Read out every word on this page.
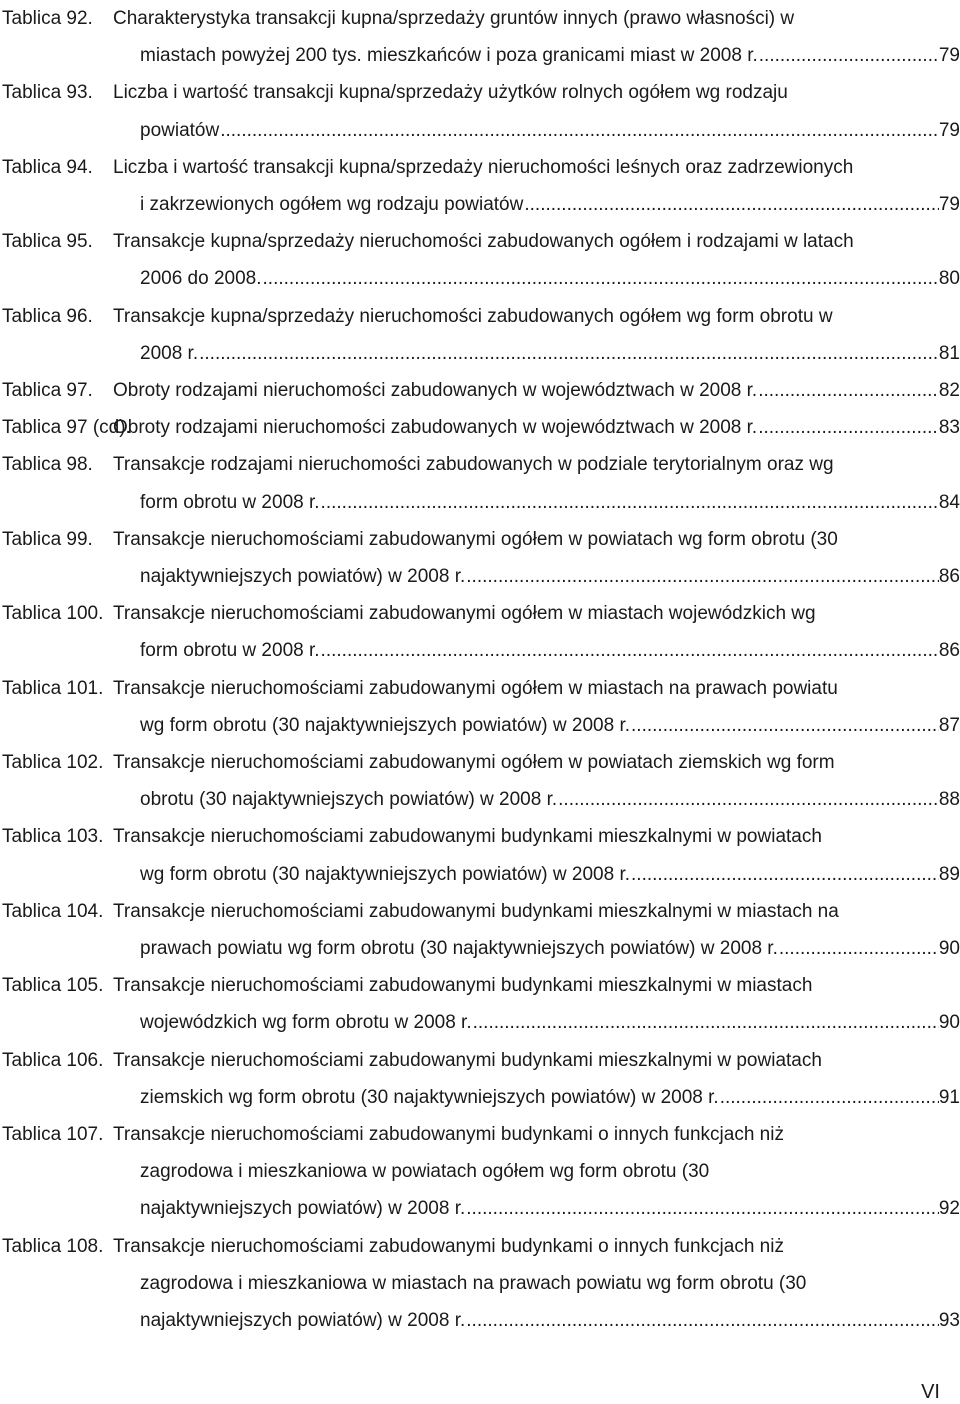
Tablica 92. Charakterystyka transakcji kupna/sprzedaży gruntów innych (prawo własności) w
miastach powyżej 200 tys. mieszkańców i poza granicami miast w 2008 r. .....	79
Tablica 93. Liczba i wartość transakcji kupna/sprzedaży użytków rolnych ogółem wg rodzaju
powiatów .....	79
Tablica 94. Liczba i wartość transakcji kupna/sprzedaży nieruchomości leśnych oraz zadrzewionych
i zakrzewionych ogółem wg rodzaju powiatów .....	79
Tablica 95. Transakcje kupna/sprzedaży nieruchomości zabudowanych ogółem i rodzajami w latach
2006 do 2008. .....	80
Tablica 96. Transakcje kupna/sprzedaży nieruchomości zabudowanych ogółem wg form obrotu w
2008 r. .....	81
Tablica 97. Obroty rodzajami nieruchomości zabudowanych w województwach w 2008 r. .....	82
Tablica 97 (cd).
Obroty rodzajami nieruchomości zabudowanych w województwach w 2008 r. .....	83
Tablica 98. Transakcje rodzajami nieruchomości zabudowanych w podziale terytorialnym oraz wg
form obrotu w 2008 r. .....	84
Tablica 99. Transakcje nieruchomościami zabudowanymi ogółem w powiatach wg form obrotu (30
najaktywniejszych powiatów) w 2008 r. .....	86
Tablica 100. Transakcje nieruchomościami zabudowanymi ogółem w miastach wojewódzkich wg
form obrotu w 2008 r. .....	86
Tablica 101. Transakcje nieruchomościami zabudowanymi ogółem w miastach na prawach powiatu
wg form obrotu (30 najaktywniejszych powiatów) w 2008 r. .....	87
Tablica 102. Transakcje nieruchomościami zabudowanymi ogółem w powiatach ziemskich wg form
obrotu (30 najaktywniejszych powiatów) w 2008 r. .....	88
Tablica 103. Transakcje nieruchomościami zabudowanymi budynkami mieszkalnymi w powiatach
wg form obrotu (30 najaktywniejszych powiatów) w 2008 r. .....	89
Tablica 104. Transakcje nieruchomościami zabudowanymi budynkami mieszkalnymi w miastach na
prawach powiatu wg form obrotu (30 najaktywniejszych powiatów) w 2008 r. .....	90
Tablica 105. Transakcje nieruchomościami zabudowanymi budynkami mieszkalnymi w miastach
wojewódzkich wg form obrotu w 2008 r. .....	90
Tablica 106. Transakcje nieruchomościami zabudowanymi budynkami mieszkalnymi w powiatach
ziemskich wg form obrotu (30 najaktywniejszych powiatów) w 2008 r. .....	91
Tablica 107. Transakcje nieruchomościami zabudowanymi budynkami o innych funkcjach niż
zagrodowa i mieszkaniowa w powiatach ogółem wg form obrotu (30
najaktywniejszych powiatów) w 2008 r. .....	92
Tablica 108. Transakcje nieruchomościami zabudowanymi budynkami o innych funkcjach niż
zagrodowa i mieszkaniowa w miastach na prawach powiatu wg form obrotu (30
najaktywniejszych powiatów) w 2008 r. .....	93
VI
